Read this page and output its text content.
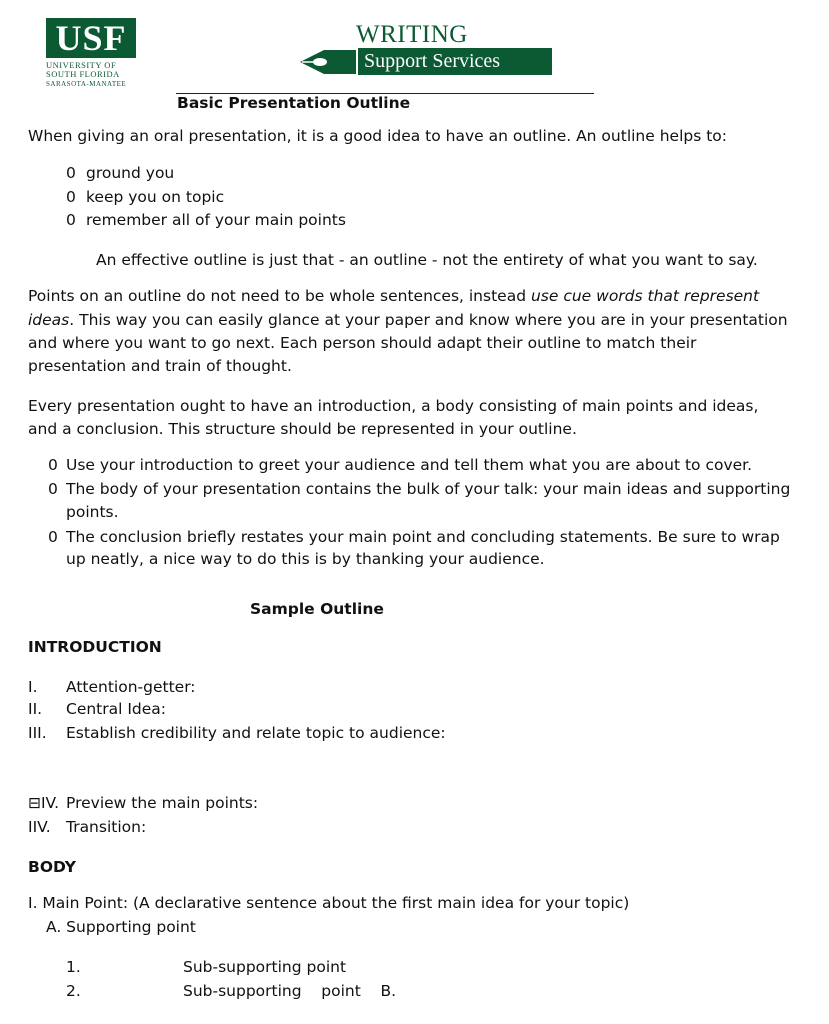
USF
UNIVERSITY OF
SOUTH FLORIDA
SARASOTA-MANATEE
WRITING
Support Services
Basic Presentation Outline
When giving an oral presentation, it is a good idea to have an outline. An outline helps to:
0 ground you
0 keep you on topic
0 remember all of your main points
An effective outline is just that - an outline - not the entirety of what you want to say.
Points on an outline do not need to be whole sentences, instead use cue words that represent
ideas. This way you can easily glance at your paper and know where you are in your presentation
and where you want to go next. Each person should adapt their outline to match their
presentation and train of thought.
Every presentation ought to have an introduction, a body consisting of main points and ideas,
and a conclusion. This structure should be represented in your outline.
0 Use your introduction to greet your audience and tell them what you are about to cover.
0 The body of your presentation contains the bulk of your talk: your main ideas and supporting
points.
0 The conclusion briefly restates your main point and concluding statements. Be sure to wrap
up neatly, a nice way to do this is by thanking your audience.
Sample Outline
INTRODUCTION
I. Attention-getter:
II. Central Idea:
III. Establish credibility and relate topic to audience:
⊟IV. Preview the main points:
IIV. Transition:
BODY
I. Main Point: (A declarative sentence about the first main idea for your topic)
A. Supporting point
1.	Sub-supporting point
2.	Sub-supporting    point    B.
